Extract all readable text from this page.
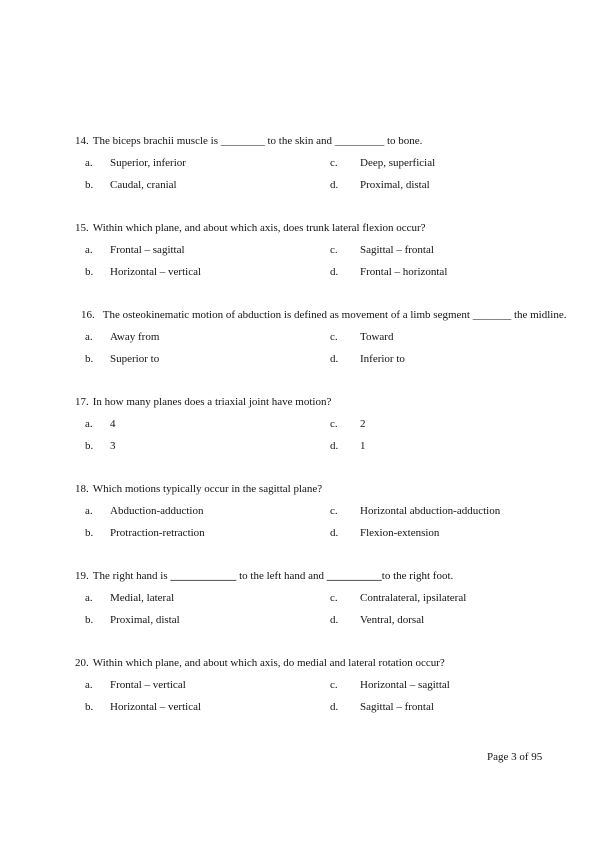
14. The biceps brachii muscle is ________ to the skin and _________ to bone.
a.	Superior, inferior	c.	Deep, superficial
b.	Caudal, cranial	d.	Proximal, distal
15. Within which plane, and about which axis, does trunk lateral flexion occur?
a.	Frontal – sagittal	c.	Sagittal – frontal
b.	Horizontal – vertical	d.	Frontal – horizontal
16. The osteokinematic motion of abduction is defined as movement of a limb segment _______ the midline.
a.	Away from	c.	Toward
b.	Superior to	d.	Inferior to
17. In how many planes does a triaxial joint have motion?
a.	4	c.	2
b.	3	d.	1
18. Which motions typically occur in the sagittal plane?
a.	Abduction-adduction	c.	Horizontal abduction-adduction
b.	Protraction-retraction	d.	Flexion-extension
19. The right hand is ____________ to the left hand and __________to the right foot.
a.	Medial, lateral	c.	Contralateral, ipsilateral
b.	Proximal, distal	d.	Ventral, dorsal
20. Within which plane, and about which axis, do medial and lateral rotation occur?
a.	Frontal – vertical	c.	Horizontal – sagittal
b.	Horizontal – vertical	d.	Sagittal – frontal
Page 3 of 95
